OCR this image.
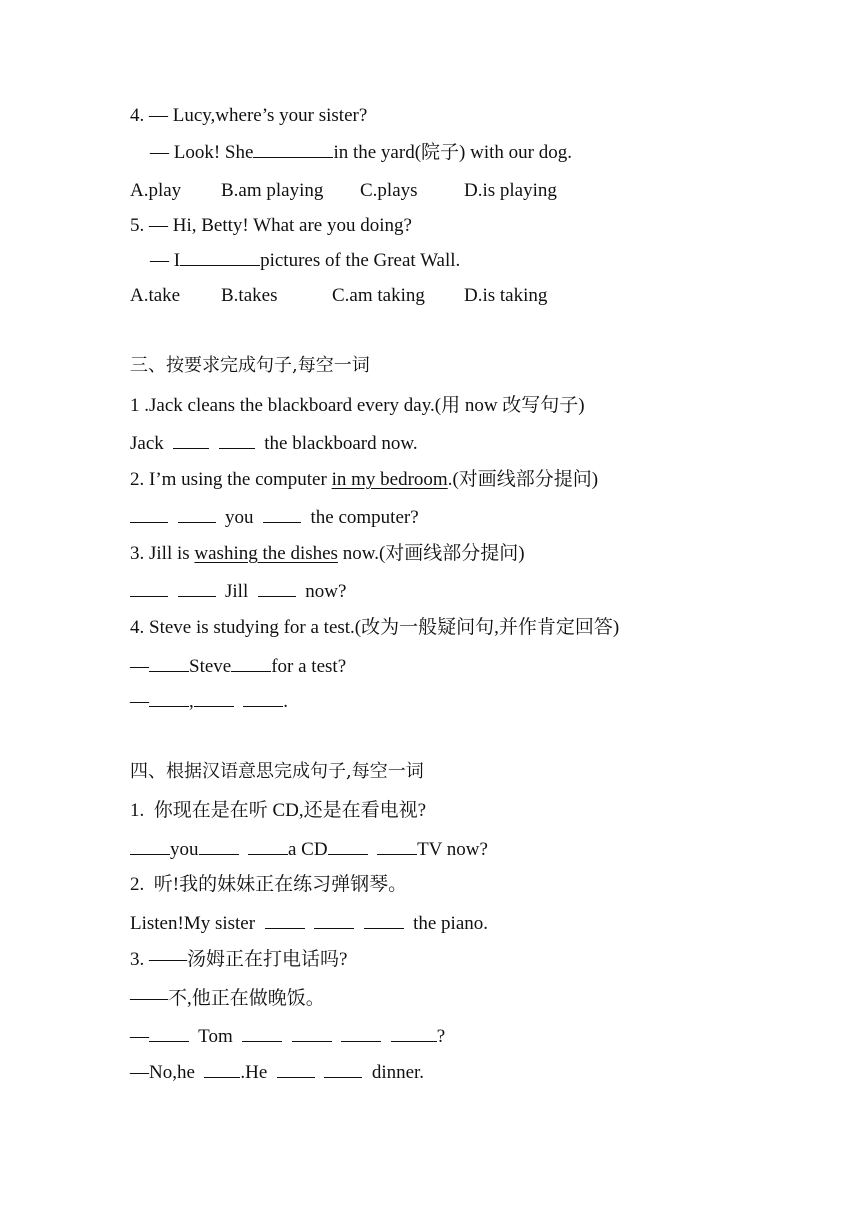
4. — Lucy,where’s your sister?
— Look! She	in the yard(院子) with our dog.
A.play B.am playing C.plays D.is playing
5. — Hi, Betty! What are you doing?
— I	pictures of the Great Wall.
A.take B.takes	C.am taking D.is taking
三、按要求完成句子,每空一词
1 .Jack cleans the blackboard every day.(用 now 改写句子)
Jack	the blackboard now.
2. I’m using the computer in my bedroom.(对画线部分提问)
you	the computer?
3. Jill is washing the dishes now.(对画线部分提问)
Jill	now?
4. Steve is studying for a test.(改为一般疑问句,并作肯定回答)
— Steve for a test?
— ,	.
四、根据汉语意思完成句子,每空一词
1.  你现在是在听 CD,还是在看电视?
you	a CD	TV now?
2.  听!我的妹妹正在练习弹钢琴。
Listen!My sister	the piano.
3. ——汤姆正在打电话吗?
——不,他正在做晚饭。
—	Tom	?
—No,he .He	dinner.
